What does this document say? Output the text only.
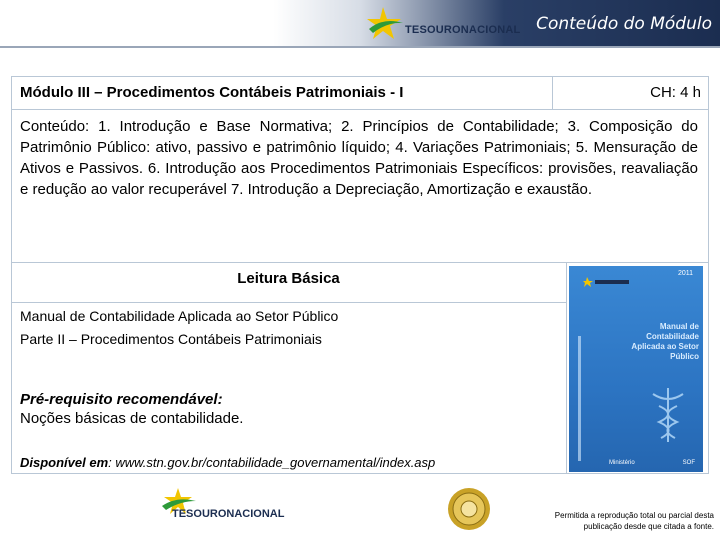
TESOURONACIONAL Conteúdo do Módulo
Módulo III – Procedimentos Contábeis Patrimoniais - I	CH: 4 h
Conteúdo: 1. Introdução e Base Normativa; 2. Princípios de Contabilidade; 3. Composição do Patrimônio Público: ativo, passivo e patrimônio líquido; 4. Variações Patrimoniais; 5. Mensuração de Ativos e Passivos. 6. Introdução aos Procedimentos Patrimoniais Específicos: provisões, reavaliação e redução ao valor recuperável 7. Introdução a Depreciação, Amortização e exaustão.
Leitura Básica
Manual de Contabilidade Aplicada ao Setor Público
Parte II – Procedimentos Contábeis Patrimoniais
Pré-requisito recomendável:
Noções básicas de contabilidade.
Disponível em: www.stn.gov.br/contabilidade_governamental/index.asp
2011
Manual de Contabilidade Aplicada ao Setor Público
Ministério	SOF
TESOURONACIONAL	Permitida a reprodução total ou parcial desta publicação desde que citada a fonte.
